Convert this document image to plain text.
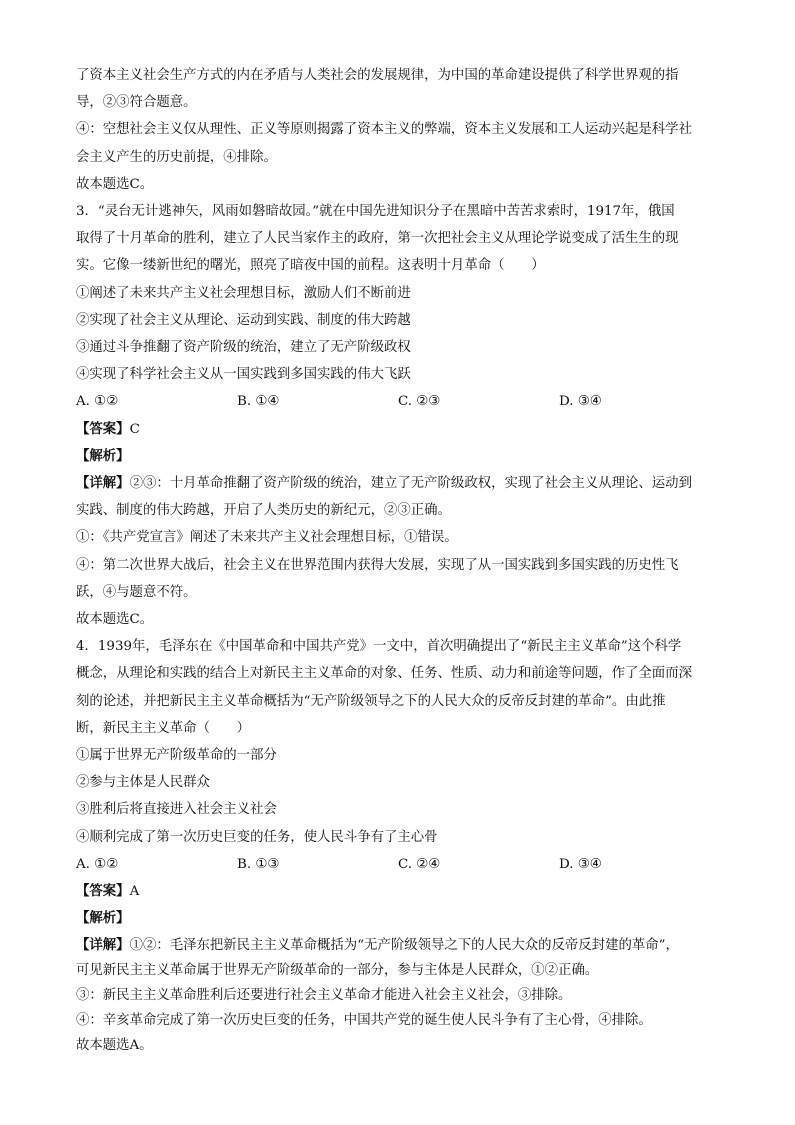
了资本主义社会生产方式的内在矛盾与人类社会的发展规律，为中国的革命建设提供了科学世界观的指
导，②③符合题意。
④：空想社会主义仅从理性、正义等原则揭露了资本主义的弊端，资本主义发展和工人运动兴起是科学社
会主义产生的历史前提，④排除。
故本题选C。
3．“灵台无计逃神矢，风雨如磐暗故园。”就在中国先进知识分子在黑暗中苦苦求索时，1917年，俄国
取得了十月革命的胜利，建立了人民当家作主的政府，第一次把社会主义从理论学说变成了活生生的现
实。它像一缕新世纪的曙光，照亮了暗夜中国的前程。这表明十月革命（　　）
①阐述了未来共产主义社会理想目标，激励人们不断前进
②实现了社会主义从理论、运动到实践、制度的伟大跨越
③通过斗争推翻了资产阶级的统治，建立了无产阶级政权
④实现了科学社会主义从一国实践到多国实践的伟大飞跃
A. ①②	B. ①④	C. ②③	D. ③④
【答案】C
【解析】
【详解】②③：十月革命推翻了资产阶级的统治，建立了无产阶级政权，实现了社会主义从理论、运动到
实践、制度的伟大跨越，开启了人类历史的新纪元，②③正确。
①：《共产党宣言》阐述了未来共产主义社会理想目标，①错误。
④：第二次世界大战后，社会主义在世界范围内获得大发展，实现了从一国实践到多国实践的历史性飞
跃，④与题意不符。
故本题选C。
4．1939年，毛泽东在《中国革命和中国共产党》一文中，首次明确提出了“新民主主义革命”这个科学
概念，从理论和实践的结合上对新民主主义革命的对象、任务、性质、动力和前途等问题，作了全面而深
刻的论述，并把新民主主义革命概括为“无产阶级领导之下的人民大众的反帝反封建的革命”。由此推
断，新民主主义革命（　　）
①属于世界无产阶级革命的一部分
②参与主体是人民群众
③胜利后将直接进入社会主义社会
④顺利完成了第一次历史巨变的任务，使人民斗争有了主心骨
A. ①②	B. ①③	C. ②④	D. ③④
【答案】A
【解析】
【详解】①②：毛泽东把新民主主义革命概括为“无产阶级领导之下的人民大众的反帝反封建的革命”，
可见新民主主义革命属于世界无产阶级革命的一部分，参与主体是人民群众，①②正确。
③：新民主主义革命胜利后还要进行社会主义革命才能进入社会主义社会，③排除。
④：辛亥革命完成了第一次历史巨变的任务，中国共产党的诞生使人民斗争有了主心骨，④排除。
故本题选A。
